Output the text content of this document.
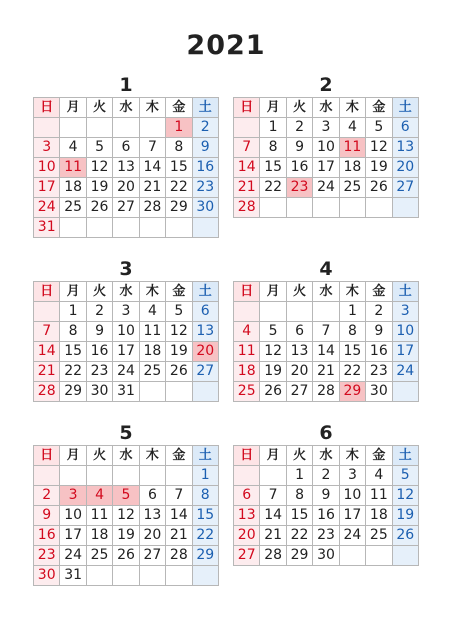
2021
1
日	月	火	水	木	金	土
					1	2
3	4	5	6	7	8	9
10	11	12	13	14	15	16
17	18	19	20	21	22	23
24	25	26	27	28	29	30
31						
2
日	月	火	水	木	金	土
	1	2	3	4	5	6
7	8	9	10	11	12	13
14	15	16	17	18	19	20
21	22	23	24	25	26	27
28						
3
日	月	火	水	木	金	土
	1	2	3	4	5	6
7	8	9	10	11	12	13
14	15	16	17	18	19	20
21	22	23	24	25	26	27
28	29	30	31			
4
日	月	火	水	木	金	土
				1	2	3
4	5	6	7	8	9	10
11	12	13	14	15	16	17
18	19	20	21	22	23	24
25	26	27	28	29	30	
5
日	月	火	水	木	金	土
						1
2	3	4	5	6	7	8
9	10	11	12	13	14	15
16	17	18	19	20	21	22
23	24	25	26	27	28	29
30	31					
6
日	月	火	水	木	金	土
		1	2	3	4	5
6	7	8	9	10	11	12
13	14	15	16	17	18	19
20	21	22	23	24	25	26
27	28	29	30			
